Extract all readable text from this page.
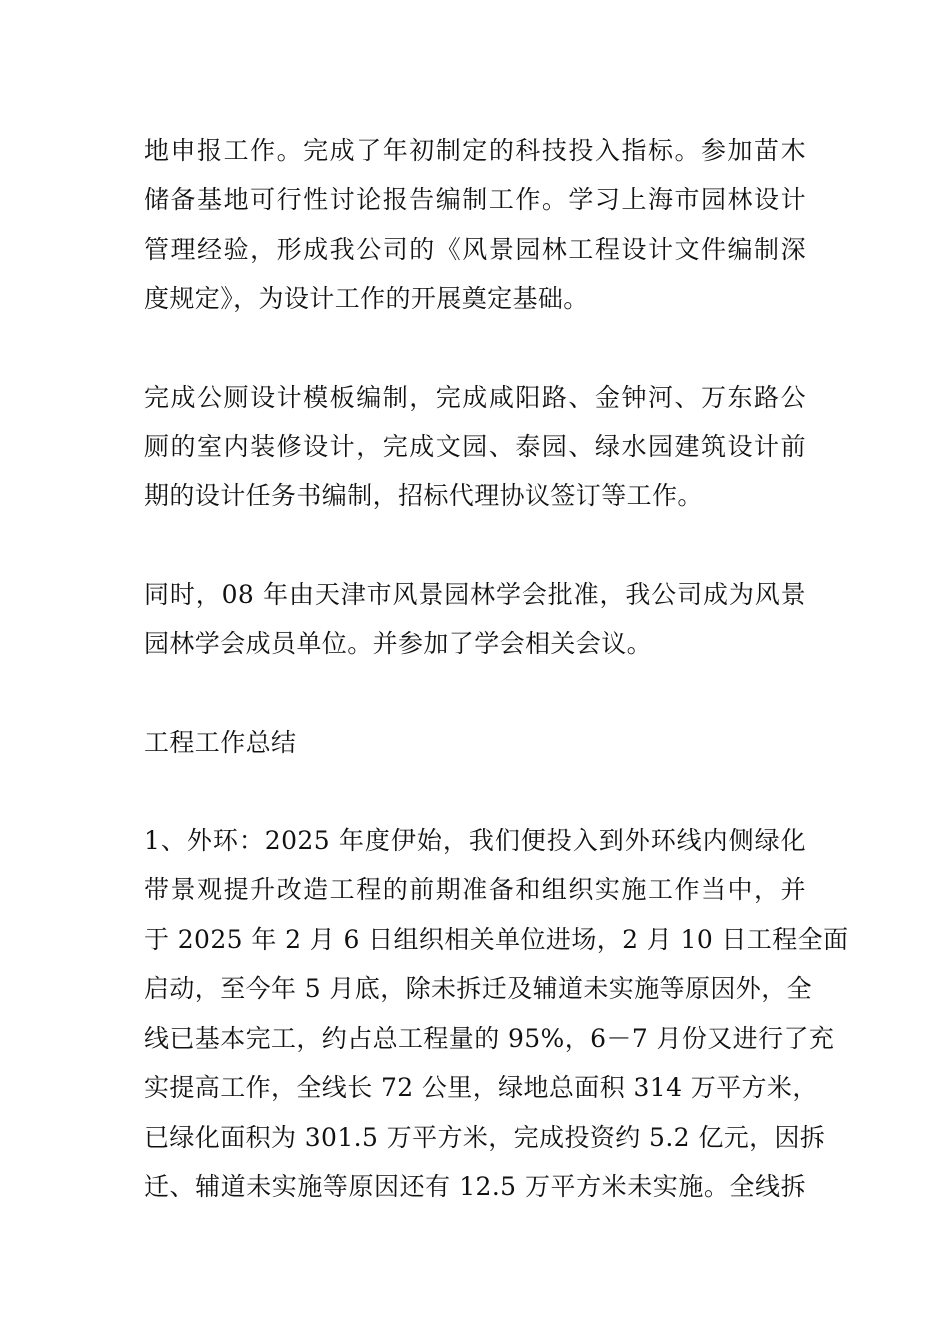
地申报工作。完成了年初制定的科技投入指标。参加苗木
储备基地可行性讨论报告编制工作。学习上海市园林设计
管理经验，形成我公司的《风景园林工程设计文件编制深
度规定》，为设计工作的开展奠定基础。
完成公厕设计模板编制，完成咸阳路、金钟河、万东路公
厕的室内装修设计，完成文园、泰园、绿水园建筑设计前
期的设计任务书编制，招标代理协议签订等工作。
同时，08 年由天津市风景园林学会批准，我公司成为风景
园林学会成员单位。并参加了学会相关会议。
工程工作总结
1、外环：2025 年度伊始，我们便投入到外环线内侧绿化
带景观提升改造工程的前期准备和组织实施工作当中，并
于 2025 年 2 月 6 日组织相关单位进场，2 月 10 日工程全面
启动，至今年 5 月底，除未拆迁及辅道未实施等原因外，全
线已基本完工，约占总工程量的 95%，6－7 月份又进行了充
实提高工作，全线长 72 公里，绿地总面积 314 万平方米，
已绿化面积为 301.5 万平方米，完成投资约 5.2 亿元，因拆
迁、辅道未实施等原因还有 12.5 万平方米未实施。全线拆
